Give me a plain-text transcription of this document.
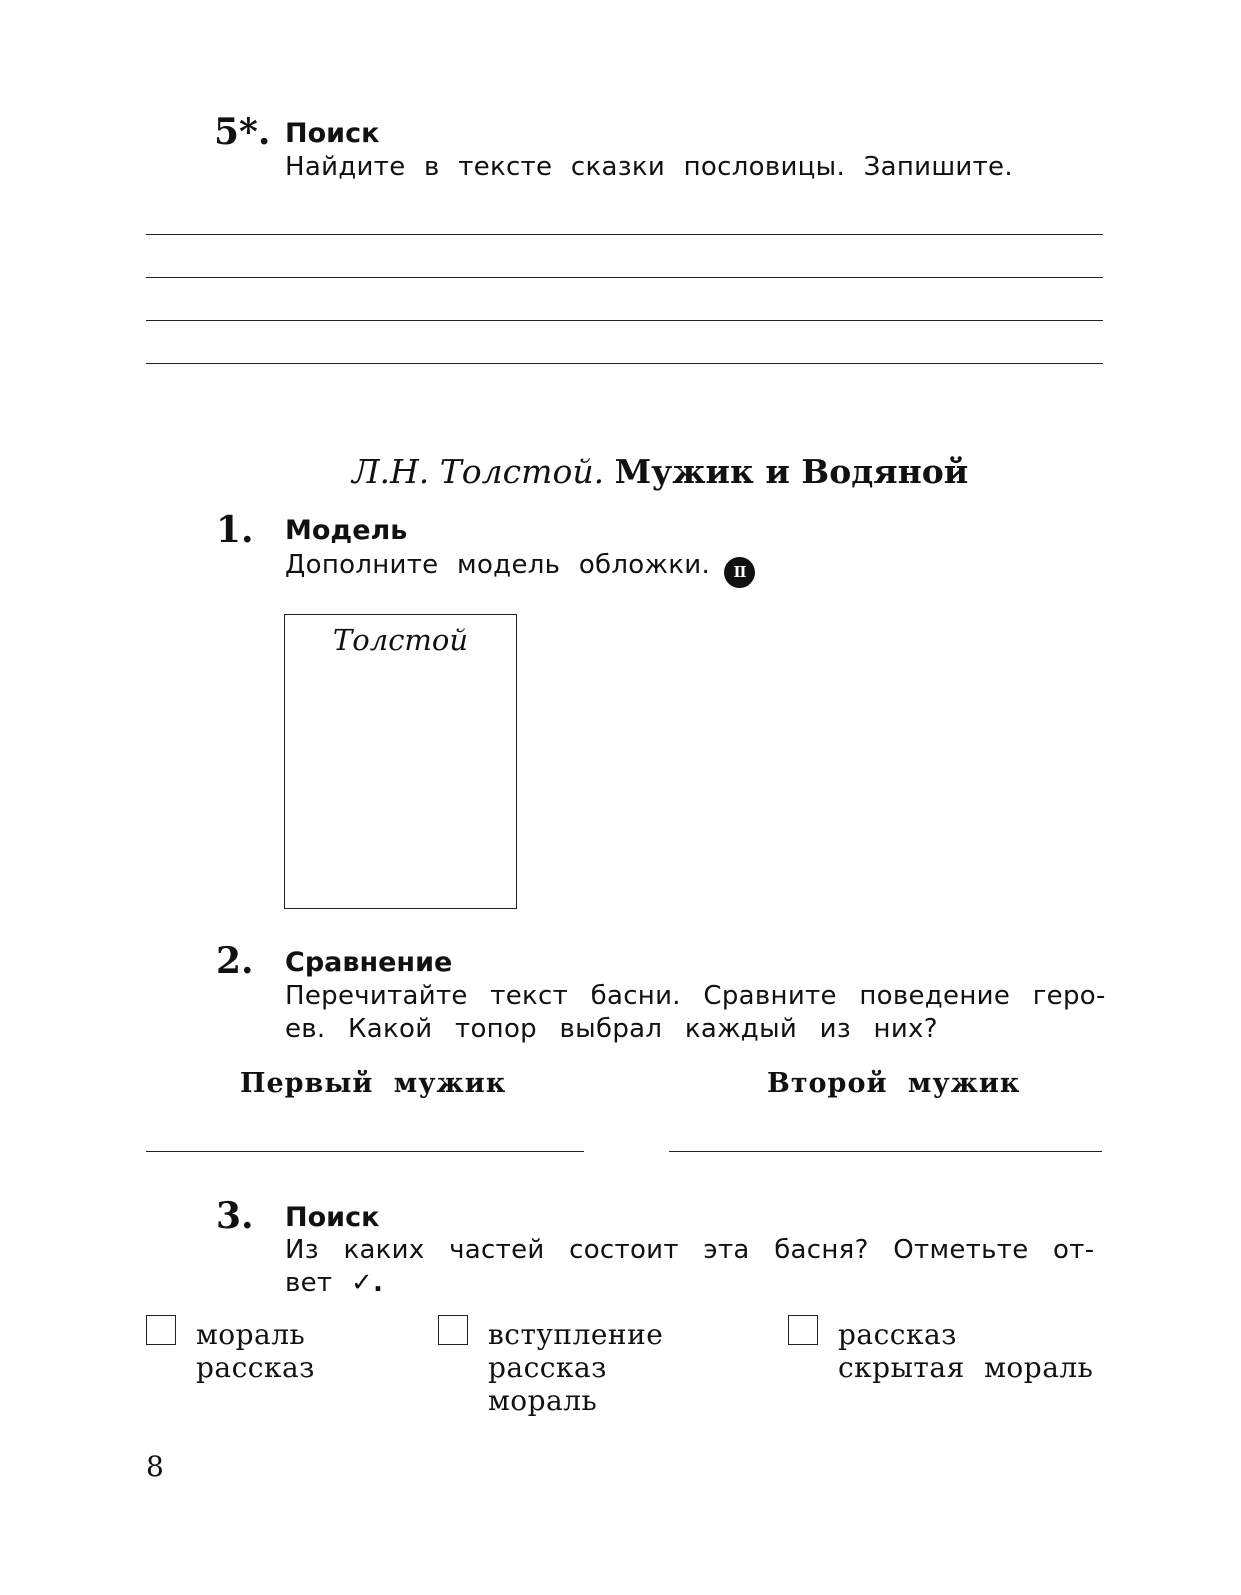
5*. Поиск
Найдите в тексте сказки пословицы. Запишите.
Л.Н. Толстой. Мужик и Водяной
1. Модель
Дополните модель обложки. II
Толстой
2. Сравнение
Перечитайте текст басни. Сравните поведение геро-
ев. Какой топор выбрал каждый из них?
Первый мужик	Второй мужик
3. Поиск
Из каких частей состоит эта басня? Отметьте от-
вет ✓.
мораль
рассказ
вступление
рассказ
мораль
рассказ
скрытая мораль
8
